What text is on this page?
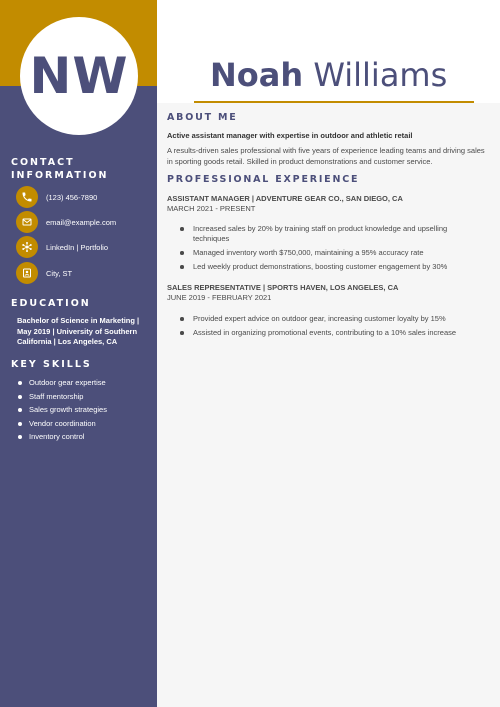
NW	Noah Williams
CONTACT INFORMATION
(123) 456-7890
email@example.com
LinkedIn | Portfolio
City, ST
EDUCATION
Bachelor of Science in Marketing | May 2019 | University of Southern California | Los Angeles, CA
KEY SKILLS
Outdoor gear expertise
Staff mentorship
Sales growth strategies
Vendor coordination
Inventory control
ABOUT ME
Active assistant manager with expertise in outdoor and athletic retail
A results-driven sales professional with five years of experience leading teams and driving sales in sporting goods retail. Skilled in product demonstrations and customer service.
PROFESSIONAL EXPERIENCE
ASSISTANT MANAGER | ADVENTURE GEAR CO., SAN DIEGO, CA
MARCH 2021 - PRESENT
Increased sales by 20% by training staff on product knowledge and upselling techniques
Managed inventory worth $750,000, maintaining a 95% accuracy rate
Led weekly product demonstrations, boosting customer engagement by 30%
SALES REPRESENTATIVE | SPORTS HAVEN, LOS ANGELES, CA
JUNE 2019 - FEBRUARY 2021
Provided expert advice on outdoor gear, increasing customer loyalty by 15%
Assisted in organizing promotional events, contributing to a 10% sales increase
